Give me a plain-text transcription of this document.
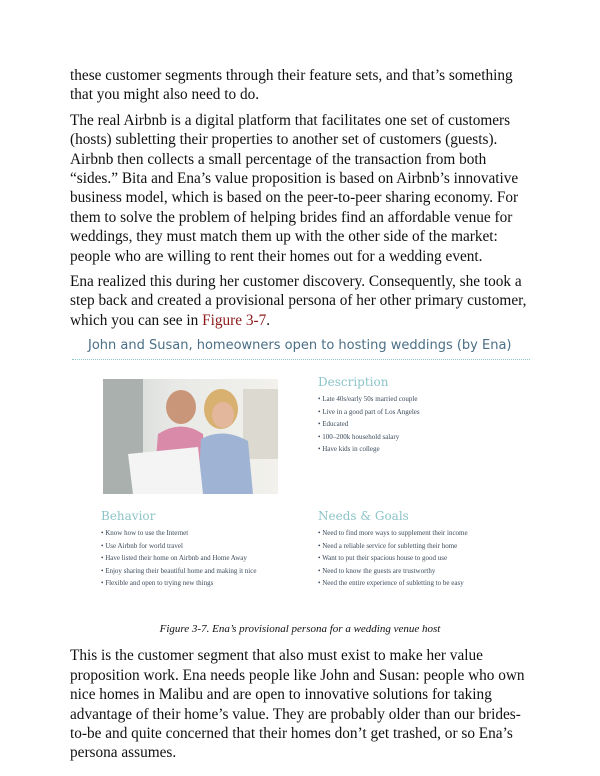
these customer segments through their feature sets, and that’s something that you might also need to do.

The real Airbnb is a digital platform that facilitates one set of customers (hosts) subletting their properties to another set of customers (guests). Airbnb then collects a small percentage of the transaction from both “sides.” Bita and Ena’s value proposition is based on Airbnb’s innovative business model, which is based on the peer-to-peer sharing economy. For them to solve the problem of helping brides find an affordable venue for weddings, they must match them up with the other side of the market: people who are willing to rent their homes out for a wedding event.

Ena realized this during her customer discovery. Consequently, she took a step back and created a provisional persona of her other primary customer, which you can see in Figure 3-7.

John and Susan, homeowners open to hosting weddings (by Ena)
Description
• Late 40s/early 50s married couple
• Live in a good part of Los Angeles
• Educated
• 100–200k household salary
• Have kids in college
Behavior
• Know how to use the Internet
• Use Airbnb for world travel
• Have listed their home on Airbnb and Home Away
• Enjoy sharing their beautiful home and making it nice
• Flexible and open to trying new things
Needs & Goals
• Need to find more ways to supplement their income
• Need a reliable service for subletting their home
• Want to put their spacious house to good use
• Need to know the guests are trustworthy
• Need the entire experience of subletting to be easy
Figure 3-7. Ena’s provisional persona for a wedding venue host

This is the customer segment that also must exist to make her value proposition work. Ena needs people like John and Susan: people who own nice homes in Malibu and are open to innovative solutions for taking advantage of their home’s value. They are probably older than our brides-to-be and quite concerned that their homes don’t get trashed, or so Ena’s persona assumes.
